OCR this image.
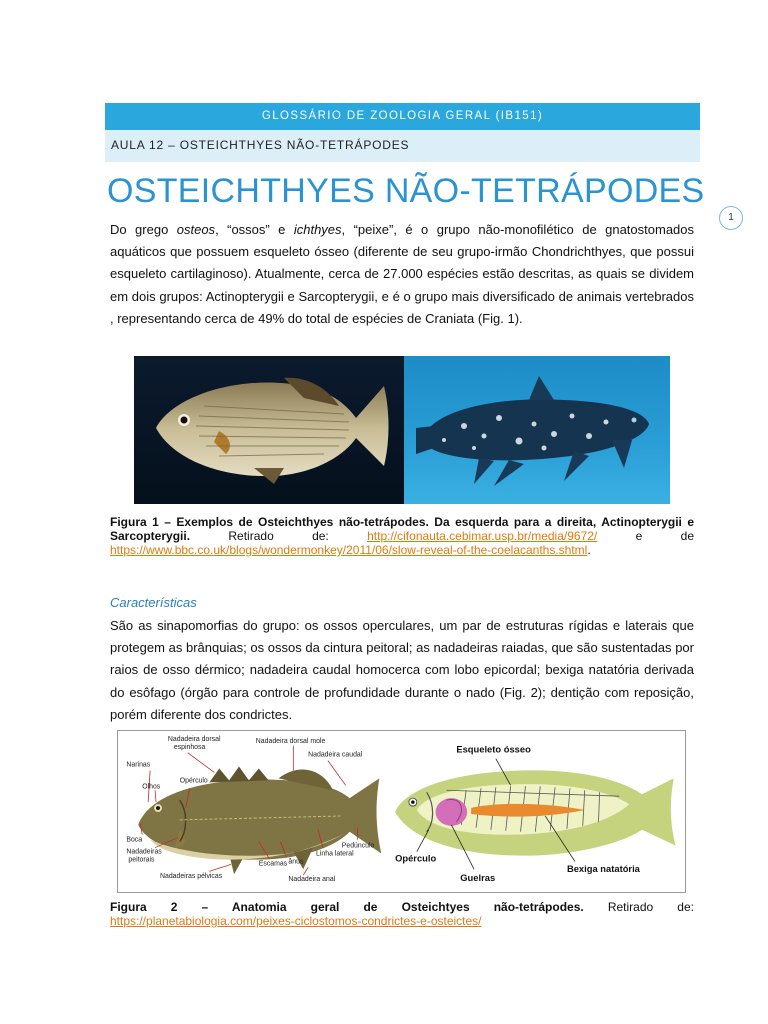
GLOSSÁRIO DE ZOOLOGIA GERAL (IB151)
AULA 12 – OSTEICHTHYES NÃO-TETRÁPODES
OSTEICHTHYES NÃO-TETRÁPODES
1
Do grego osteos, “ossos” e ichthyes, “peixe”, é o grupo não-monofilético de gnatostomados aquáticos que possuem esqueleto ósseo (diferente de seu grupo-irmão Chondrichthyes, que possui esqueleto cartilaginoso). Atualmente, cerca de 27.000 espécies estão descritas, as quais se dividem em dois grupos: Actinopterygii e Sarcopterygii, e é o grupo mais diversificado de animais vertebrados , representando cerca de 49% do total de espécies de Craniata (Fig. 1).
Figura 1 – Exemplos de Osteichthyes não-tetrápodes. Da esquerda para a direita, Actinopterygii e Sarcopterygii. Retirado de: http://cifonauta.cebimar.usp.br/media/9672/ e de https://www.bbc.co.uk/blogs/wondermonkey/2011/06/slow-reveal-of-the-coelacanths.shtml.
Características
São as sinapomorfias do grupo: os ossos operculares, um par de estruturas rígidas e laterais que protegem as brânquias; os ossos da cintura peitoral; as nadadeiras raiadas, que são sustentadas por raios de osso dérmico; nadadeira caudal homocerca com lobo epicordal; bexiga natatória derivada do esôfago (órgão para controle de profundidade durante o nado (Fig. 2); dentição com reposição, porém diferente dos condrictes.
Nadadeira dorsal
espinhosa
Nadadeira dorsal mole
Nadadeira caudal
Narinas
Opérculo
Olhos
Boca
Nadadeiras
peitorais
Escamas ânus
Nadadeiras pélvicas	Nadadeira anal
Linha lateral
Pedúnculo
Esqueleto ósseo
Opérculo
Guelras
Bexiga natatória
Figura 2 – Anatomia geral de Osteichtyes não-tetrápodes. Retirado de: https://planetabiologia.com/peixes-ciclostomos-condrictes-e-osteictes/
